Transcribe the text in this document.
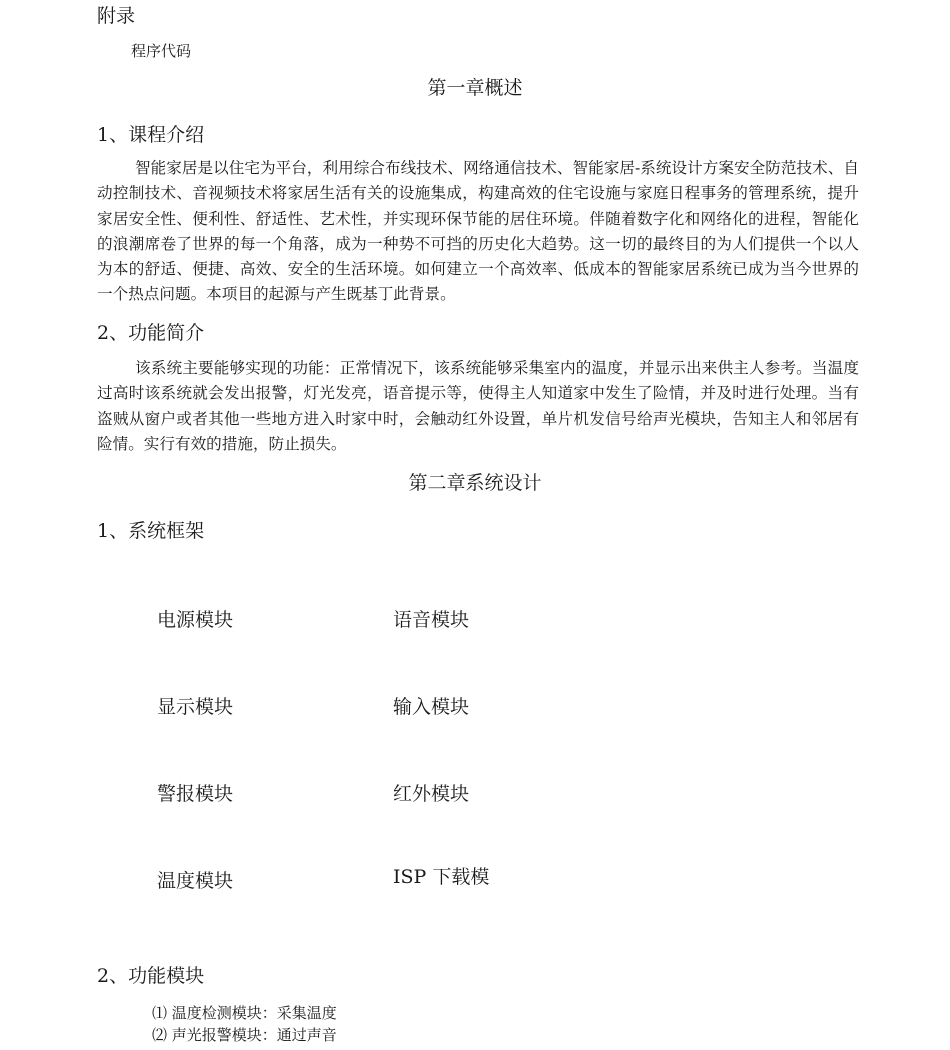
附录
程序代码
第一章概述
1、课程介绍

智能家居是以住宅为平台，利用综合布线技术、网络通信技术、智能家居-系统设计方案安全防范技术、自动控制技术、音视频技术将家居生活有关的设施集成，构建高效的住宅设施与家庭日程事务的管理系统，提升家居安全性、便利性、舒适性、艺术性，并实现环保节能的居住环境。伴随着数字化和网络化的进程，智能化的浪潮席卷了世界的每一个角落，成为一种势不可挡的历史化大趋势。这一切的最终目的为人们提供一个以人为本的舒适、便捷、高效、安全的生活环境。如何建立一个高效率、低成本的智能家居系统已成为当今世界的一个热点问题。本项目的起源与产生既基丁此背景。

2、功能简介

该系统主要能够实现的功能：正常情况下，该系统能够采集室内的温度，并显示出来供主人参考。当温度过高时该系统就会发出报警，灯光发亮，语音提示等，使得主人知道家中发生了险情，并及时进行处理。当有盗贼从窗户或者其他一些地方进入时家中时，会触动红外设置，单片机发信号给声光模块，告知主人和邻居有险情。实行有效的措施，防止损失。

第二章系统设计
1、系统框架
电源模块
显示模块
警报模块
温度模块
语音模块
输入模块
红外模块
ISP 下载模
2、功能模块
⑴ 温度检测模块：采集温度
⑵ 声光报警模块：通过声音
